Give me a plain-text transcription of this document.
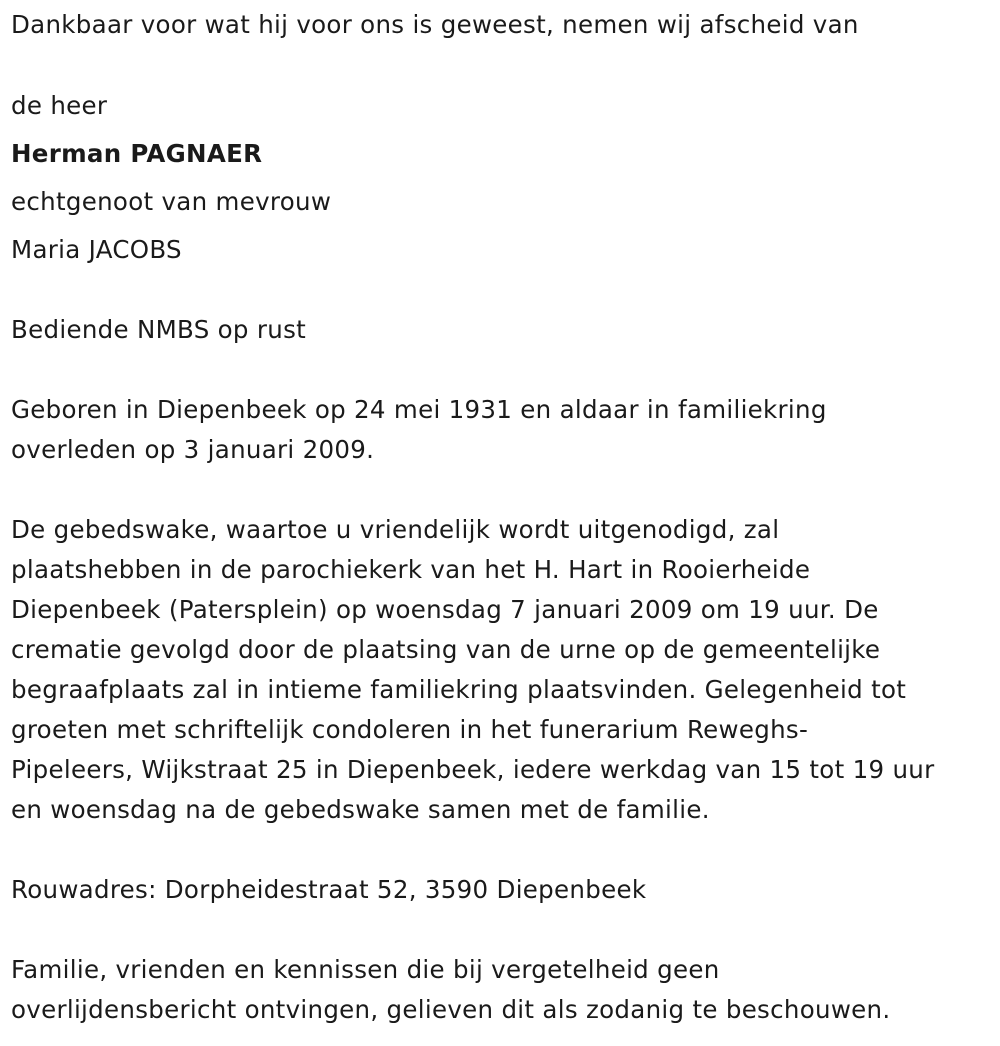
Dankbaar voor wat hij voor ons is geweest, nemen wij afscheid van
de heer
Herman PAGNAER
echtgenoot van mevrouw
Maria JACOBS
Bediende NMBS op rust
Geboren in Diepenbeek op 24 mei 1931 en aldaar in familiekring
overleden op 3 januari 2009.
De gebedswake, waartoe u vriendelijk wordt uitgenodigd, zal
plaatshebben in de parochiekerk van het H. Hart in Rooierheide
Diepenbeek (Patersplein) op woensdag 7 januari 2009 om 19 uur. De
crematie gevolgd door de plaatsing van de urne op de gemeentelijke
begraafplaats zal in intieme familiekring plaatsvinden. Gelegenheid tot
groeten met schriftelijk condoleren in het funerarium Reweghs-
Pipeleers, Wijkstraat 25 in Diepenbeek, iedere werkdag van 15 tot 19 uur
en woensdag na de gebedswake samen met de familie.
Rouwadres: Dorpheidestraat 52, 3590 Diepenbeek
Familie, vrienden en kennissen die bij vergetelheid geen
overlijdensbericht ontvingen, gelieven dit als zodanig te beschouwen.
